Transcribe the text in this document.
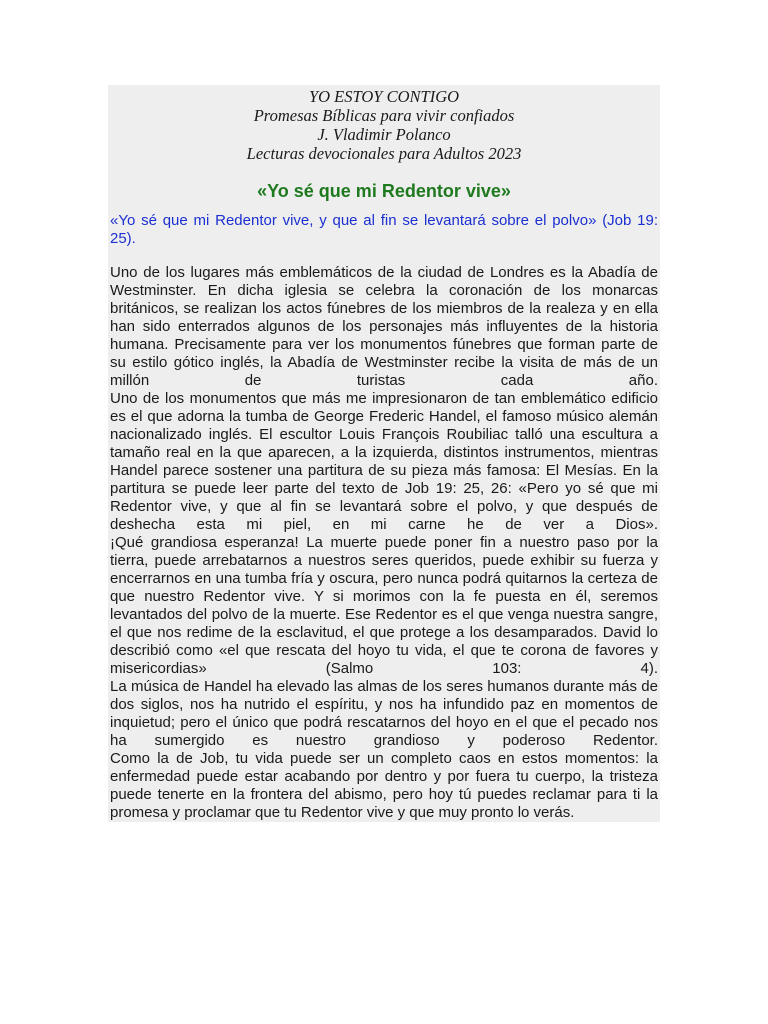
YO ESTOY CONTIGO
Promesas Bíblicas para vivir confiados
J. Vladimir Polanco
Lecturas devocionales para Adultos 2023
«Yo sé que mi Redentor vive»
«Yo sé que mi Redentor vive, y que al fin se levantará sobre el polvo» (Job 19: 25).

Uno de los lugares más emblemáticos de la ciudad de Londres es la Abadía de Westminster. En dicha iglesia se celebra la coronación de los monarcas británicos, se realizan los actos fúnebres de los miembros de la realeza y en ella han sido enterrados algunos de los personajes más influyentes de la historia humana. Precisamente para ver los monumentos fúnebres que forman parte de su estilo gótico inglés, la Abadía de Westminster recibe la visita de más de un millón de turistas cada año.

Uno de los monumentos que más me impresionaron de tan emblemático edificio es el que adorna la tumba de George Frederic Handel, el famoso músico alemán nacionalizado inglés. El escultor Louis François Roubiliac talló una escultura a tamaño real en la que aparecen, a la izquierda, distintos instrumentos, mientras Handel parece sostener una partitura de su pieza más famosa: El Mesías. En la partitura se puede leer parte del texto de Job 19: 25, 26: «Pero yo sé que mi Redentor vive, y que al fin se levantará sobre el polvo, y que después de deshecha esta mi piel, en mi carne he de ver a Dios».

¡Qué grandiosa esperanza! La muerte puede poner fin a nuestro paso por la tierra, puede arrebatarnos a nuestros seres queridos, puede exhibir su fuerza y encerrarnos en una tumba fría y oscura, pero nunca podrá quitarnos la certeza de que nuestro Redentor vive. Y si morimos con la fe puesta en él, seremos levantados del polvo de la muerte. Ese Redentor es el que venga nuestra sangre, el que nos redime de la esclavitud, el que protege a los desamparados. David lo describió como «el que rescata del hoyo tu vida, el que te corona de favores y misericordias» (Salmo 103: 4).

La música de Handel ha elevado las almas de los seres humanos durante más de dos siglos, nos ha nutrido el espíritu, y nos ha infundido paz en momentos de inquietud; pero el único que podrá rescatarnos del hoyo en el que el pecado nos ha sumergido es nuestro grandioso y poderoso Redentor.

Como la de Job, tu vida puede ser un completo caos en estos momentos: la enfermedad puede estar acabando por dentro y por fuera tu cuerpo, la tristeza puede tenerte en la frontera del abismo, pero hoy tú puedes reclamar para ti la promesa y proclamar que tu Redentor vive y que muy pronto lo verás.
